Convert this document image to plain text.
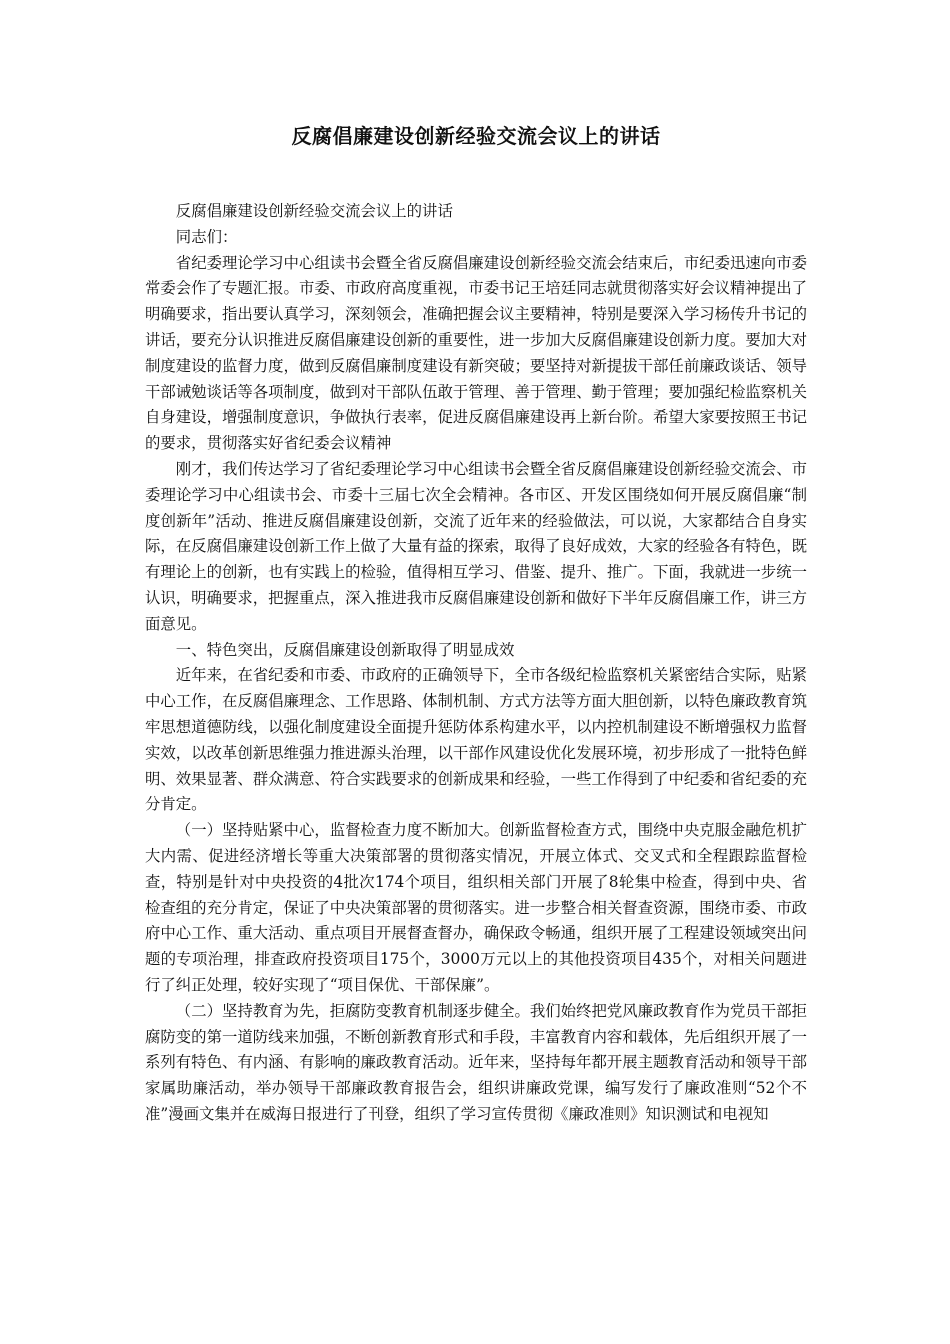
反腐倡廉建设创新经验交流会议上的讲话

反腐倡廉建设创新经验交流会议上的讲话

同志们：

省纪委理论学习中心组读书会暨全省反腐倡廉建设创新经验交流会结束后，市纪委迅速向市委常委会作了专题汇报。市委、市政府高度重视，市委书记王培廷同志就贯彻落实好会议精神提出了明确要求，指出要认真学习，深刻领会，准确把握会议主要精神，特别是要深入学习杨传升书记的讲话，要充分认识推进反腐倡廉建设创新的重要性，进一步加大反腐倡廉建设创新力度。要加大对制度建设的监督力度，做到反腐倡廉制度建设有新突破；要坚持对新提拔干部任前廉政谈话、领导干部诫勉谈话等各项制度，做到对干部队伍敢于管理、善于管理、勤于管理；要加强纪检监察机关自身建设，增强制度意识，争做执行表率，促进反腐倡廉建设再上新台阶。希望大家要按照王书记的要求，贯彻落实好省纪委会议精神

刚才，我们传达学习了省纪委理论学习中心组读书会暨全省反腐倡廉建设创新经验交流会、市委理论学习中心组读书会、市委十三届七次全会精神。各市区、开发区围绕如何开展反腐倡廉“制度创新年”活动、推进反腐倡廉建设创新，交流了近年来的经验做法，可以说，大家都结合自身实际，在反腐倡廉建设创新工作上做了大量有益的探索，取得了良好成效，大家的经验各有特色，既有理论上的创新，也有实践上的检验，值得相互学习、借鉴、提升、推广。下面，我就进一步统一认识，明确要求，把握重点，深入推进我市反腐倡廉建设创新和做好下半年反腐倡廉工作，讲三方面意见。

一、特色突出，反腐倡廉建设创新取得了明显成效

近年来，在省纪委和市委、市政府的正确领导下，全市各级纪检监察机关紧密结合实际，贴紧中心工作，在反腐倡廉理念、工作思路、体制机制、方式方法等方面大胆创新，以特色廉政教育筑牢思想道德防线，以强化制度建设全面提升惩防体系构建水平，以内控机制建设不断增强权力监督实效，以改革创新思维强力推进源头治理，以干部作风建设优化发展环境，初步形成了一批特色鲜明、效果显著、群众满意、符合实践要求的创新成果和经验，一些工作得到了中纪委和省纪委的充分肯定。

（一）坚持贴紧中心，监督检查力度不断加大。创新监督检查方式，围绕中央克服金融危机扩大内需、促进经济增长等重大决策部署的贯彻落实情况，开展立体式、交叉式和全程跟踪监督检查，特别是针对中央投资的4批次174个项目，组织相关部门开展了8轮集中检查，得到中央、省检查组的充分肯定，保证了中央决策部署的贯彻落实。进一步整合相关督查资源，围绕市委、市政府中心工作、重大活动、重点项目开展督查督办，确保政令畅通，组织开展了工程建设领域突出问题的专项治理，排查政府投资项目175个，3000万元以上的其他投资项目435个，对相关问题进行了纠正处理，较好实现了“项目保优、干部保廉”。

（二）坚持教育为先，拒腐防变教育机制逐步健全。我们始终把党风廉政教育作为党员干部拒腐防变的第一道防线来加强，不断创新教育形式和手段，丰富教育内容和载体，先后组织开展了一系列有特色、有内涵、有影响的廉政教育活动。近年来，坚持每年都开展主题教育活动和领导干部家属助廉活动，举办领导干部廉政教育报告会，组织讲廉政党课，编写发行了廉政准则“52个不准”漫画文集并在威海日报进行了刊登，组织了学习宣传贯彻《廉政准则》知识测试和电视知
